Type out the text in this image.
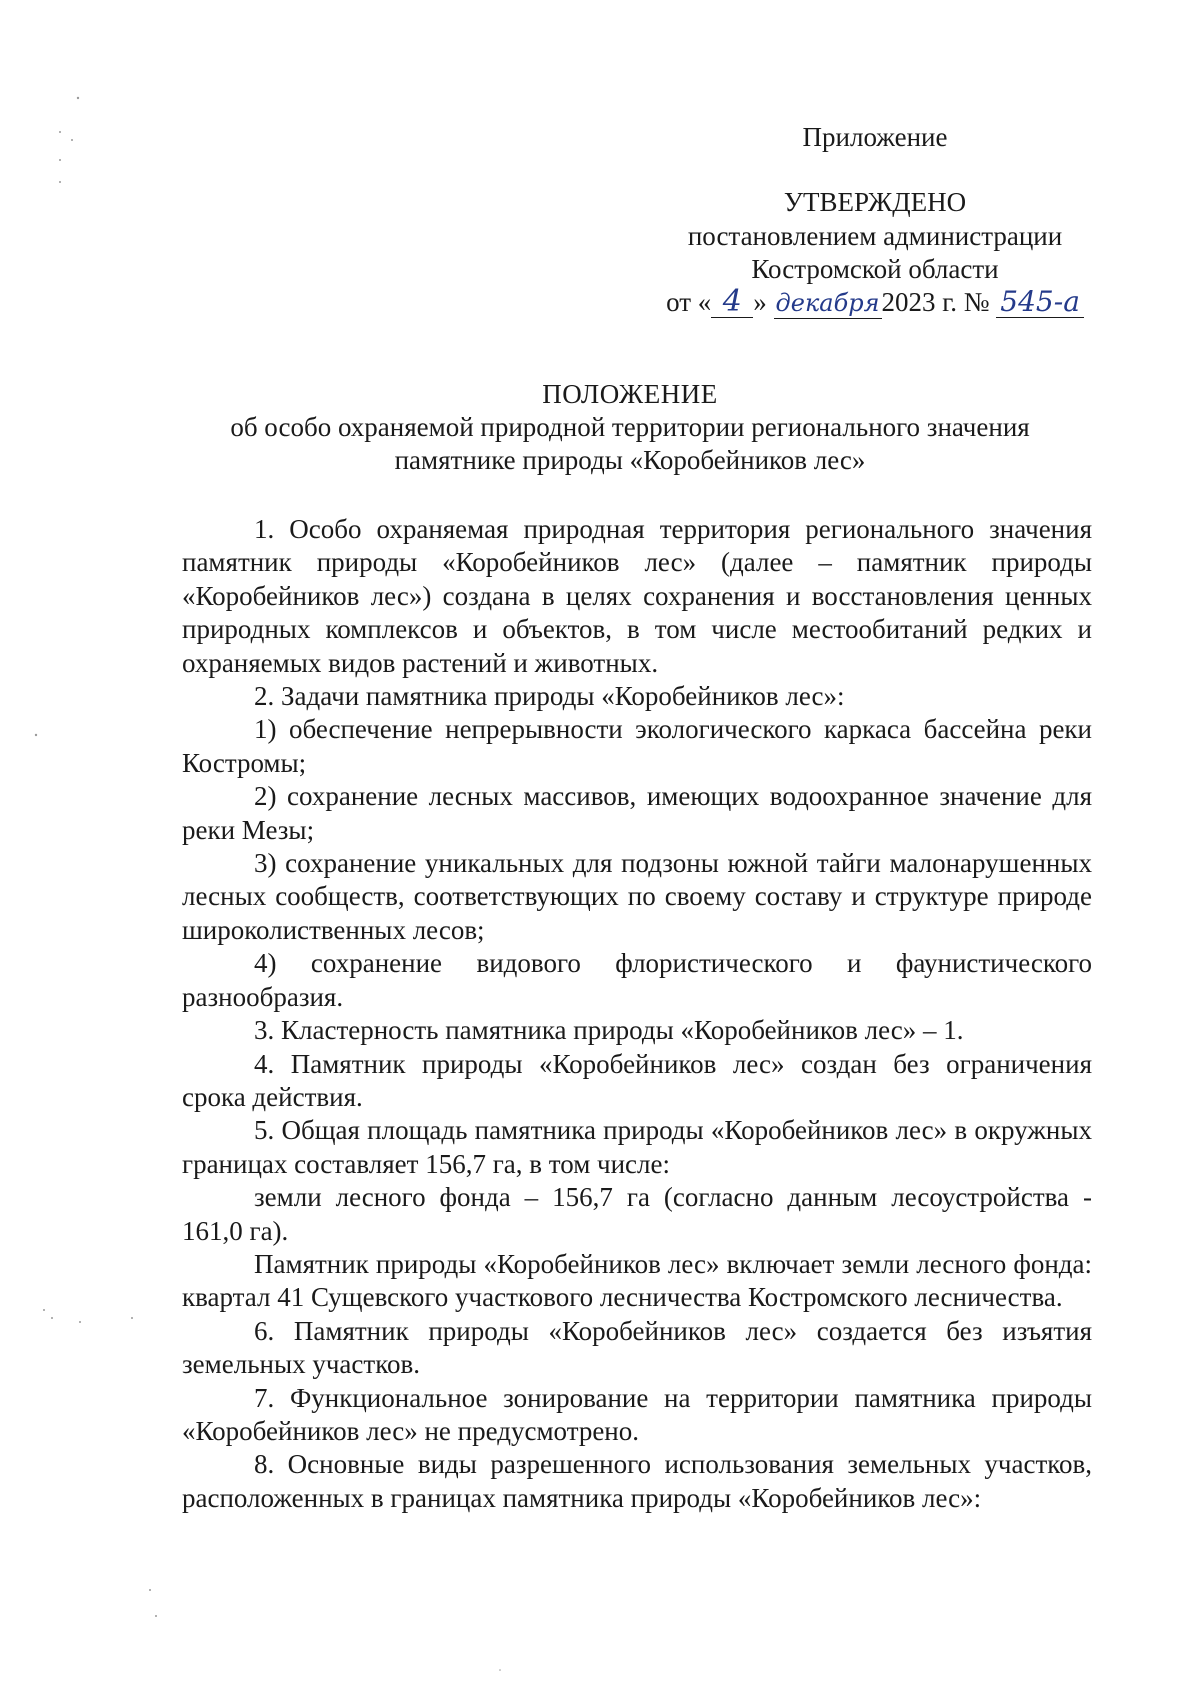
Приложение
УТВЕРЖДЕНО
постановлением администрации
Костромской области
от « 4 » декабря2023 г. № 545-а
ПОЛОЖЕНИЕ
об особо охраняемой природной территории регионального значения
памятнике природы «Коробейников лес»

1. Особо охраняемая природная территория регионального значения памятник природы «Коробейников лес» (далее – памятник природы «Коробейников лес») создана в целях сохранения и восстановления ценных природных комплексов и объектов, в том числе местообитаний редких и охраняемых видов растений и животных.

2. Задачи памятника природы «Коробейников лес»:

1) обеспечение непрерывности экологического каркаса бассейна реки Костромы;

2) сохранение лесных массивов, имеющих водоохранное значение для реки Мезы;

3) сохранение уникальных для подзоны южной тайги малонарушенных лесных сообществ, соответствующих по своему составу и структуре природе широколиственных лесов;

4) сохранение видового флористического и фаунистического разнообразия.

3. Кластерность памятника природы «Коробейников лес» – 1.

4. Памятник природы «Коробейников лес» создан без ограничения срока действия.

5. Общая площадь памятника природы «Коробейников лес» в окружных границах составляет 156,7 га, в том числе:

земли лесного фонда – 156,7 га (согласно данным лесоустройства - 161,0 га).

Памятник природы «Коробейников лес» включает земли лесного фонда: квартал 41 Сущевского участкового лесничества Костромского лесничества.

6. Памятник природы «Коробейников лес» создается без изъятия земельных участков.

7. Функциональное зонирование на территории памятника природы «Коробейников лес» не предусмотрено.

8. Основные виды разрешенного использования земельных участков, расположенных в границах памятника природы «Коробейников лес»:
